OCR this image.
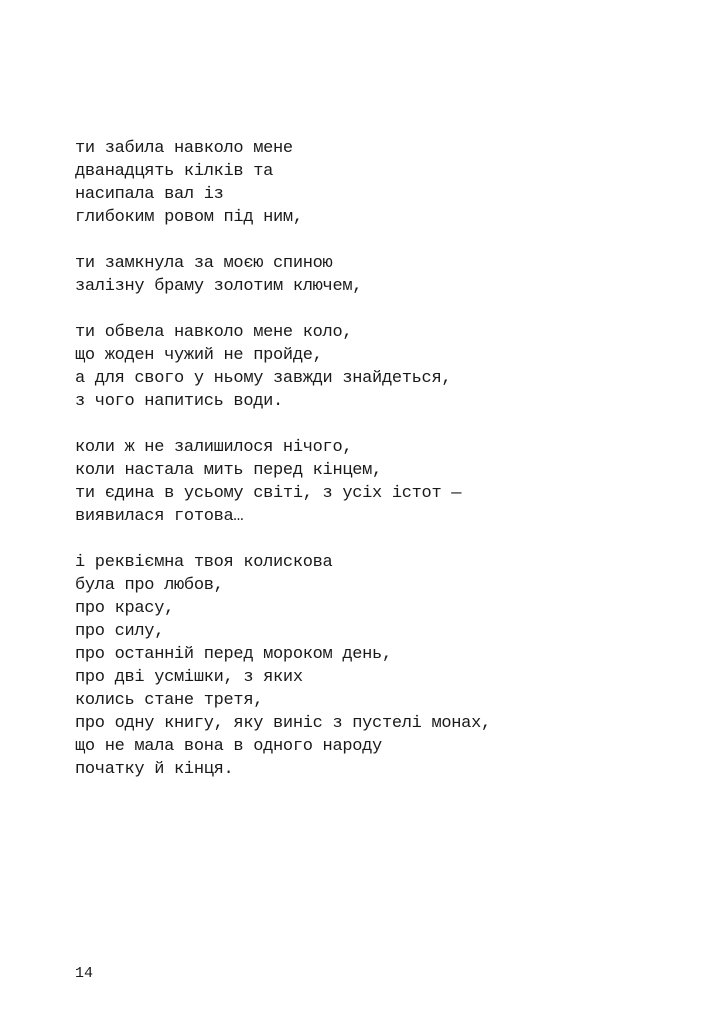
ти забила навколо мене
дванадцять кілків та
насипала вал із
глибоким ровом під ним,
ти замкнула за моєю спиною
залізну браму золотим ключем,
ти обвела навколо мене коло,
що жоден чужий не пройде,
а для свого у ньому завжди знайдеться,
з чого напитись води.
коли ж не залишилося нічого,
коли настала мить перед кінцем,
ти єдина в усьому світі, з усіх істот —
виявилася готова…
і реквіємна твоя колискова
була про любов,
про красу,
про силу,
про останній перед мороком день,
про дві усмішки, з яких
колись стане третя,
про одну книгу, яку виніс з пустелі монах,
що не мала вона в одного народу
початку й кінця.
14
